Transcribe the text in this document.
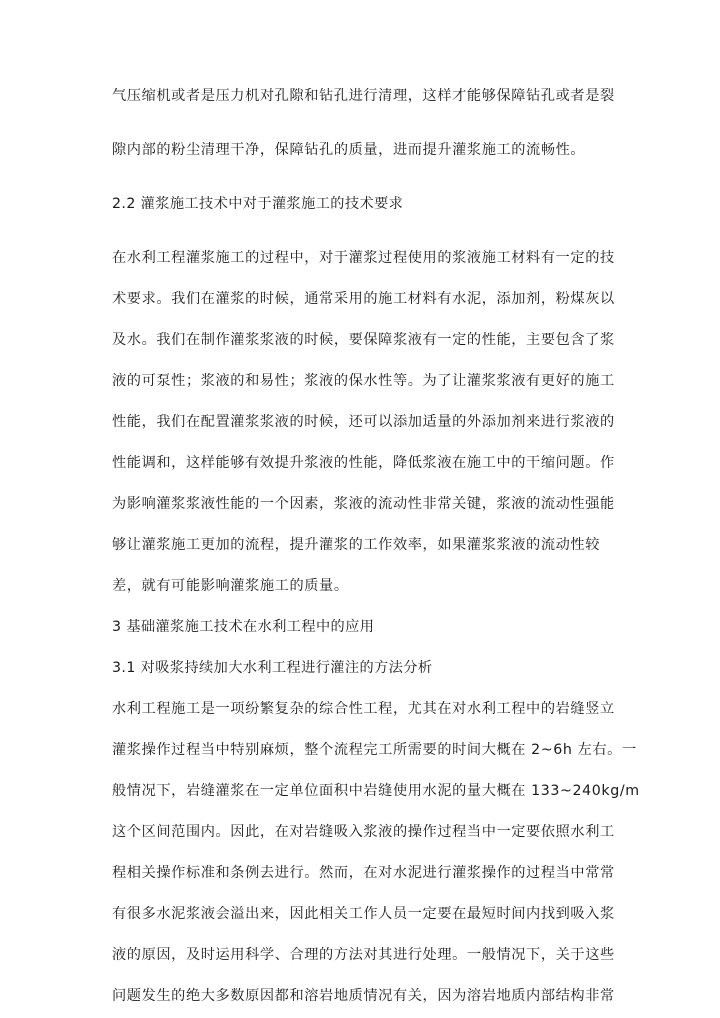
气压缩机或者是压力机对孔隙和钻孔进行清理，这样才能够保障钻孔或者是裂
隙内部的粉尘清理干净，保障钻孔的质量，进而提升灌浆施工的流畅性。
2.2 灌浆施工技术中对于灌浆施工的技术要求
在水利工程灌浆施工的过程中，对于灌浆过程使用的浆液施工材料有一定的技
术要求。我们在灌浆的时候，通常采用的施工材料有水泥，添加剂，粉煤灰以
及水。我们在制作灌浆浆液的时候，要保障浆液有一定的性能，主要包含了浆
液的可泵性；浆液的和易性；浆液的保水性等。为了让灌浆浆液有更好的施工
性能，我们在配置灌浆浆液的时候，还可以添加适量的外添加剂来进行浆液的
性能调和，这样能够有效提升浆液的性能，降低浆液在施工中的干缩问题。作
为影响灌浆浆液性能的一个因素，浆液的流动性非常关键，浆液的流动性强能
够让灌浆施工更加的流程，提升灌浆的工作效率，如果灌浆浆液的流动性较
差，就有可能影响灌浆施工的质量。
3 基础灌浆施工技术在水利工程中的应用
3.1 对吸浆持续加大水利工程进行灌注的方法分析
水利工程施工是一项纷繁复杂的综合性工程，尤其在对水利工程中的岩缝竖立
灌浆操作过程当中特别麻烦，整个流程完工所需要的时间大概在 2~6h 左右。一
般情况下，岩缝灌浆在一定单位面积中岩缝使用水泥的量大概在 133~240kg/m
这个区间范围内。因此，在对岩缝吸入浆液的操作过程当中一定要依照水利工
程相关操作标准和条例去进行。然而，在对水泥进行灌浆操作的过程当中常常
有很多水泥浆液会溢出来，因此相关工作人员一定要在最短时间内找到吸入浆
液的原因，及时运用科学、合理的方法对其进行处理。一般情况下，关于这些
问题发生的绝大多数原因都和溶岩地质情况有关，因为溶岩地质内部结构非常
